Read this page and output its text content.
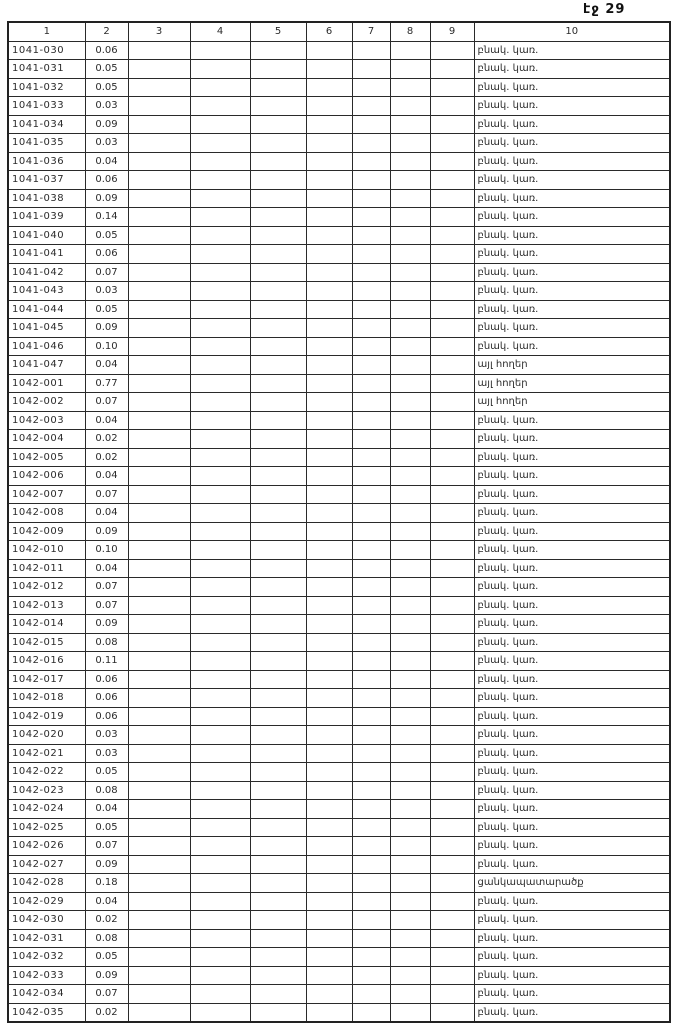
էջ 29
1	2	3	4	5	6	7	8	9	10
1041-030	0.06								բնակ. կառ.
1041-031	0.05								բնակ. կառ.
1041-032	0.05								բնակ. կառ.
1041-033	0.03								բնակ. կառ.
1041-034	0.09								բնակ. կառ.
1041-035	0.03								բնակ. կառ.
1041-036	0.04								բնակ. կառ.
1041-037	0.06								բնակ. կառ.
1041-038	0.09								բնակ. կառ.
1041-039	0.14								բնակ. կառ.
1041-040	0.05								բնակ. կառ.
1041-041	0.06								բնակ. կառ.
1041-042	0.07								բնակ. կառ.
1041-043	0.03								բնակ. կառ.
1041-044	0.05								բնակ. կառ.
1041-045	0.09								բնակ. կառ.
1041-046	0.10								բնակ. կառ.
1041-047	0.04								այլ հողեր
1042-001	0.77								այլ հողեր
1042-002	0.07								այլ հողեր
1042-003	0.04								բնակ. կառ.
1042-004	0.02								բնակ. կառ.
1042-005	0.02								բնակ. կառ.
1042-006	0.04								բնակ. կառ.
1042-007	0.07								բնակ. կառ.
1042-008	0.04								բնակ. կառ.
1042-009	0.09								բնակ. կառ.
1042-010	0.10								բնակ. կառ.
1042-011	0.04								բնակ. կառ.
1042-012	0.07								բնակ. կառ.
1042-013	0.07								բնակ. կառ.
1042-014	0.09								բնակ. կառ.
1042-015	0.08								բնակ. կառ.
1042-016	0.11								բնակ. կառ.
1042-017	0.06								բնակ. կառ.
1042-018	0.06								բնակ. կառ.
1042-019	0.06								բնակ. կառ.
1042-020	0.03								բնակ. կառ.
1042-021	0.03								բնակ. կառ.
1042-022	0.05								բնակ. կառ.
1042-023	0.08								բնակ. կառ.
1042-024	0.04								բնակ. կառ.
1042-025	0.05								բնակ. կառ.
1042-026	0.07								բնակ. կառ.
1042-027	0.09								բնակ. կառ.
1042-028	0.18								ցանկապատարածք
1042-029	0.04								բնակ. կառ.
1042-030	0.02								բնակ. կառ.
1042-031	0.08								բնակ. կառ.
1042-032	0.05								բնակ. կառ.
1042-033	0.09								բնակ. կառ.
1042-034	0.07								բնակ. կառ.
1042-035	0.02								բնակ. կառ.
